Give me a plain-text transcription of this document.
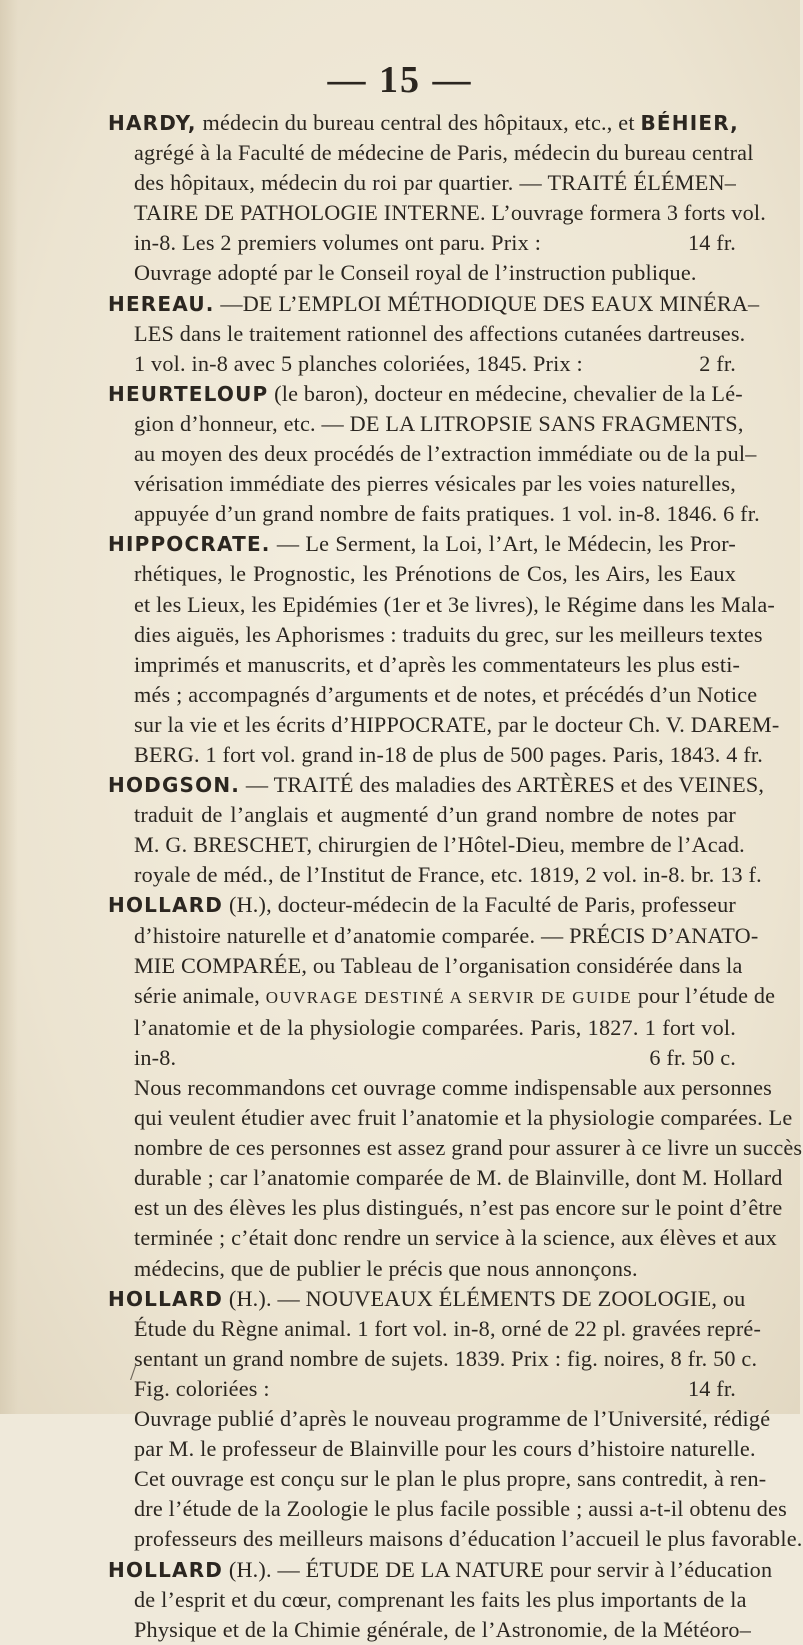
— 15 —
HARDY, médecin du bureau central des hôpitaux, etc., et BÉHIER,
agrégé à la Faculté de médecine de Paris, médecin du bureau central
des hôpitaux, médecin du roi par quartier. — TRAITÉ ÉLÉMEN–
TAIRE DE PATHOLOGIE INTERNE. L’ouvrage formera 3 forts vol.
14 fr.
in-8. Les 2 premiers volumes ont paru. Prix :
Ouvrage adopté par le Conseil royal de l’instruction publique.
HEREAU. —DE L’EMPLOI MÉTHODIQUE DES EAUX MINÉRA–
LES dans le traitement rationnel des affections cutanées dartreuses.
2 fr.
1 vol. in-8 avec 5 planches coloriées, 1845. Prix :
HEURTELOUP (le baron), docteur en médecine, chevalier de la Lé-
gion d’honneur, etc. — DE LA LITROPSIE SANS FRAGMENTS,
au moyen des deux procédés de l’extraction immédiate ou de la pul–
vérisation immédiate des pierres vésicales par les voies naturelles,
appuyée d’un grand nombre de faits pratiques. 1 vol. in-8. 1846. 6 fr.
HIPPOCRATE. — Le Serment, la Loi, l’Art, le Médecin, les Pror-
rhétiques, le Prognostic, les Prénotions de Cos, les Airs, les Eaux
et les Lieux, les Epidémies (1er et 3e livres), le Régime dans les Mala-
dies aiguës, les Aphorismes : traduits du grec, sur les meilleurs textes
imprimés et manuscrits, et d’après les commentateurs les plus esti-
més ; accompagnés d’arguments et de notes, et précédés d’un Notice
sur la vie et les écrits d’HIPPOCRATE, par le docteur Ch. V. DAREM-
BERG. 1 fort vol. grand in-18 de plus de 500 pages. Paris, 1843. 4 fr.
HODGSON. — TRAITÉ des maladies des ARTÈRES et des VEINES,
traduit de l’anglais et augmenté d’un grand nombre de notes par
M. G. BRESCHET, chirurgien de l’Hôtel-Dieu, membre de l’Acad.
royale de méd., de l’Institut de France, etc. 1819, 2 vol. in-8. br. 13 f.
HOLLARD (H.), docteur-médecin de la Faculté de Paris, professeur
d’histoire naturelle et d’anatomie comparée. — PRÉCIS D’ANATO-
MIE COMPARÉE, ou Tableau de l’organisation considérée dans la
série animale, OUVRAGE DESTINÉ A SERVIR DE GUIDE pour l’étude de
l’anatomie et de la physiologie comparées. Paris, 1827. 1 fort vol.
6 fr. 50 c.
in-8.
Nous recommandons cet ouvrage comme indispensable aux personnes
qui veulent étudier avec fruit l’anatomie et la physiologie comparées. Le
nombre de ces personnes est assez grand pour assurer à ce livre un succès
durable ; car l’anatomie comparée de M. de Blainville, dont M. Hollard
est un des élèves les plus distingués, n’est pas encore sur le point d’être
terminée ; c’était donc rendre un service à la science, aux élèves et aux
médecins, que de publier le précis que nous annonçons.
HOLLARD (H.). — NOUVEAUX ÉLÉMENTS DE ZOOLOGIE, ou
Étude du Règne animal. 1 fort vol. in-8, orné de 22 pl. gravées repré-
sentant un grand nombre de sujets. 1839. Prix : fig. noires, 8 fr. 50 c.
14 fr.
Fig. coloriées :
Ouvrage publié d’après le nouveau programme de l’Université, rédigé
par M. le professeur de Blainville pour les cours d’histoire naturelle.
Cet ouvrage est conçu sur le plan le plus propre, sans contredit, à ren-
dre l’étude de la Zoologie le plus facile possible ; aussi a-t-il obtenu des
professeurs des meilleurs maisons d’éducation l’accueil le plus favorable.
HOLLARD (H.). — ÉTUDE DE LA NATURE pour servir à l’éducation
de l’esprit et du cœur, comprenant les faits les plus importants de la
Physique et de la Chimie générale, de l’Astronomie, de la Météoro–
/
